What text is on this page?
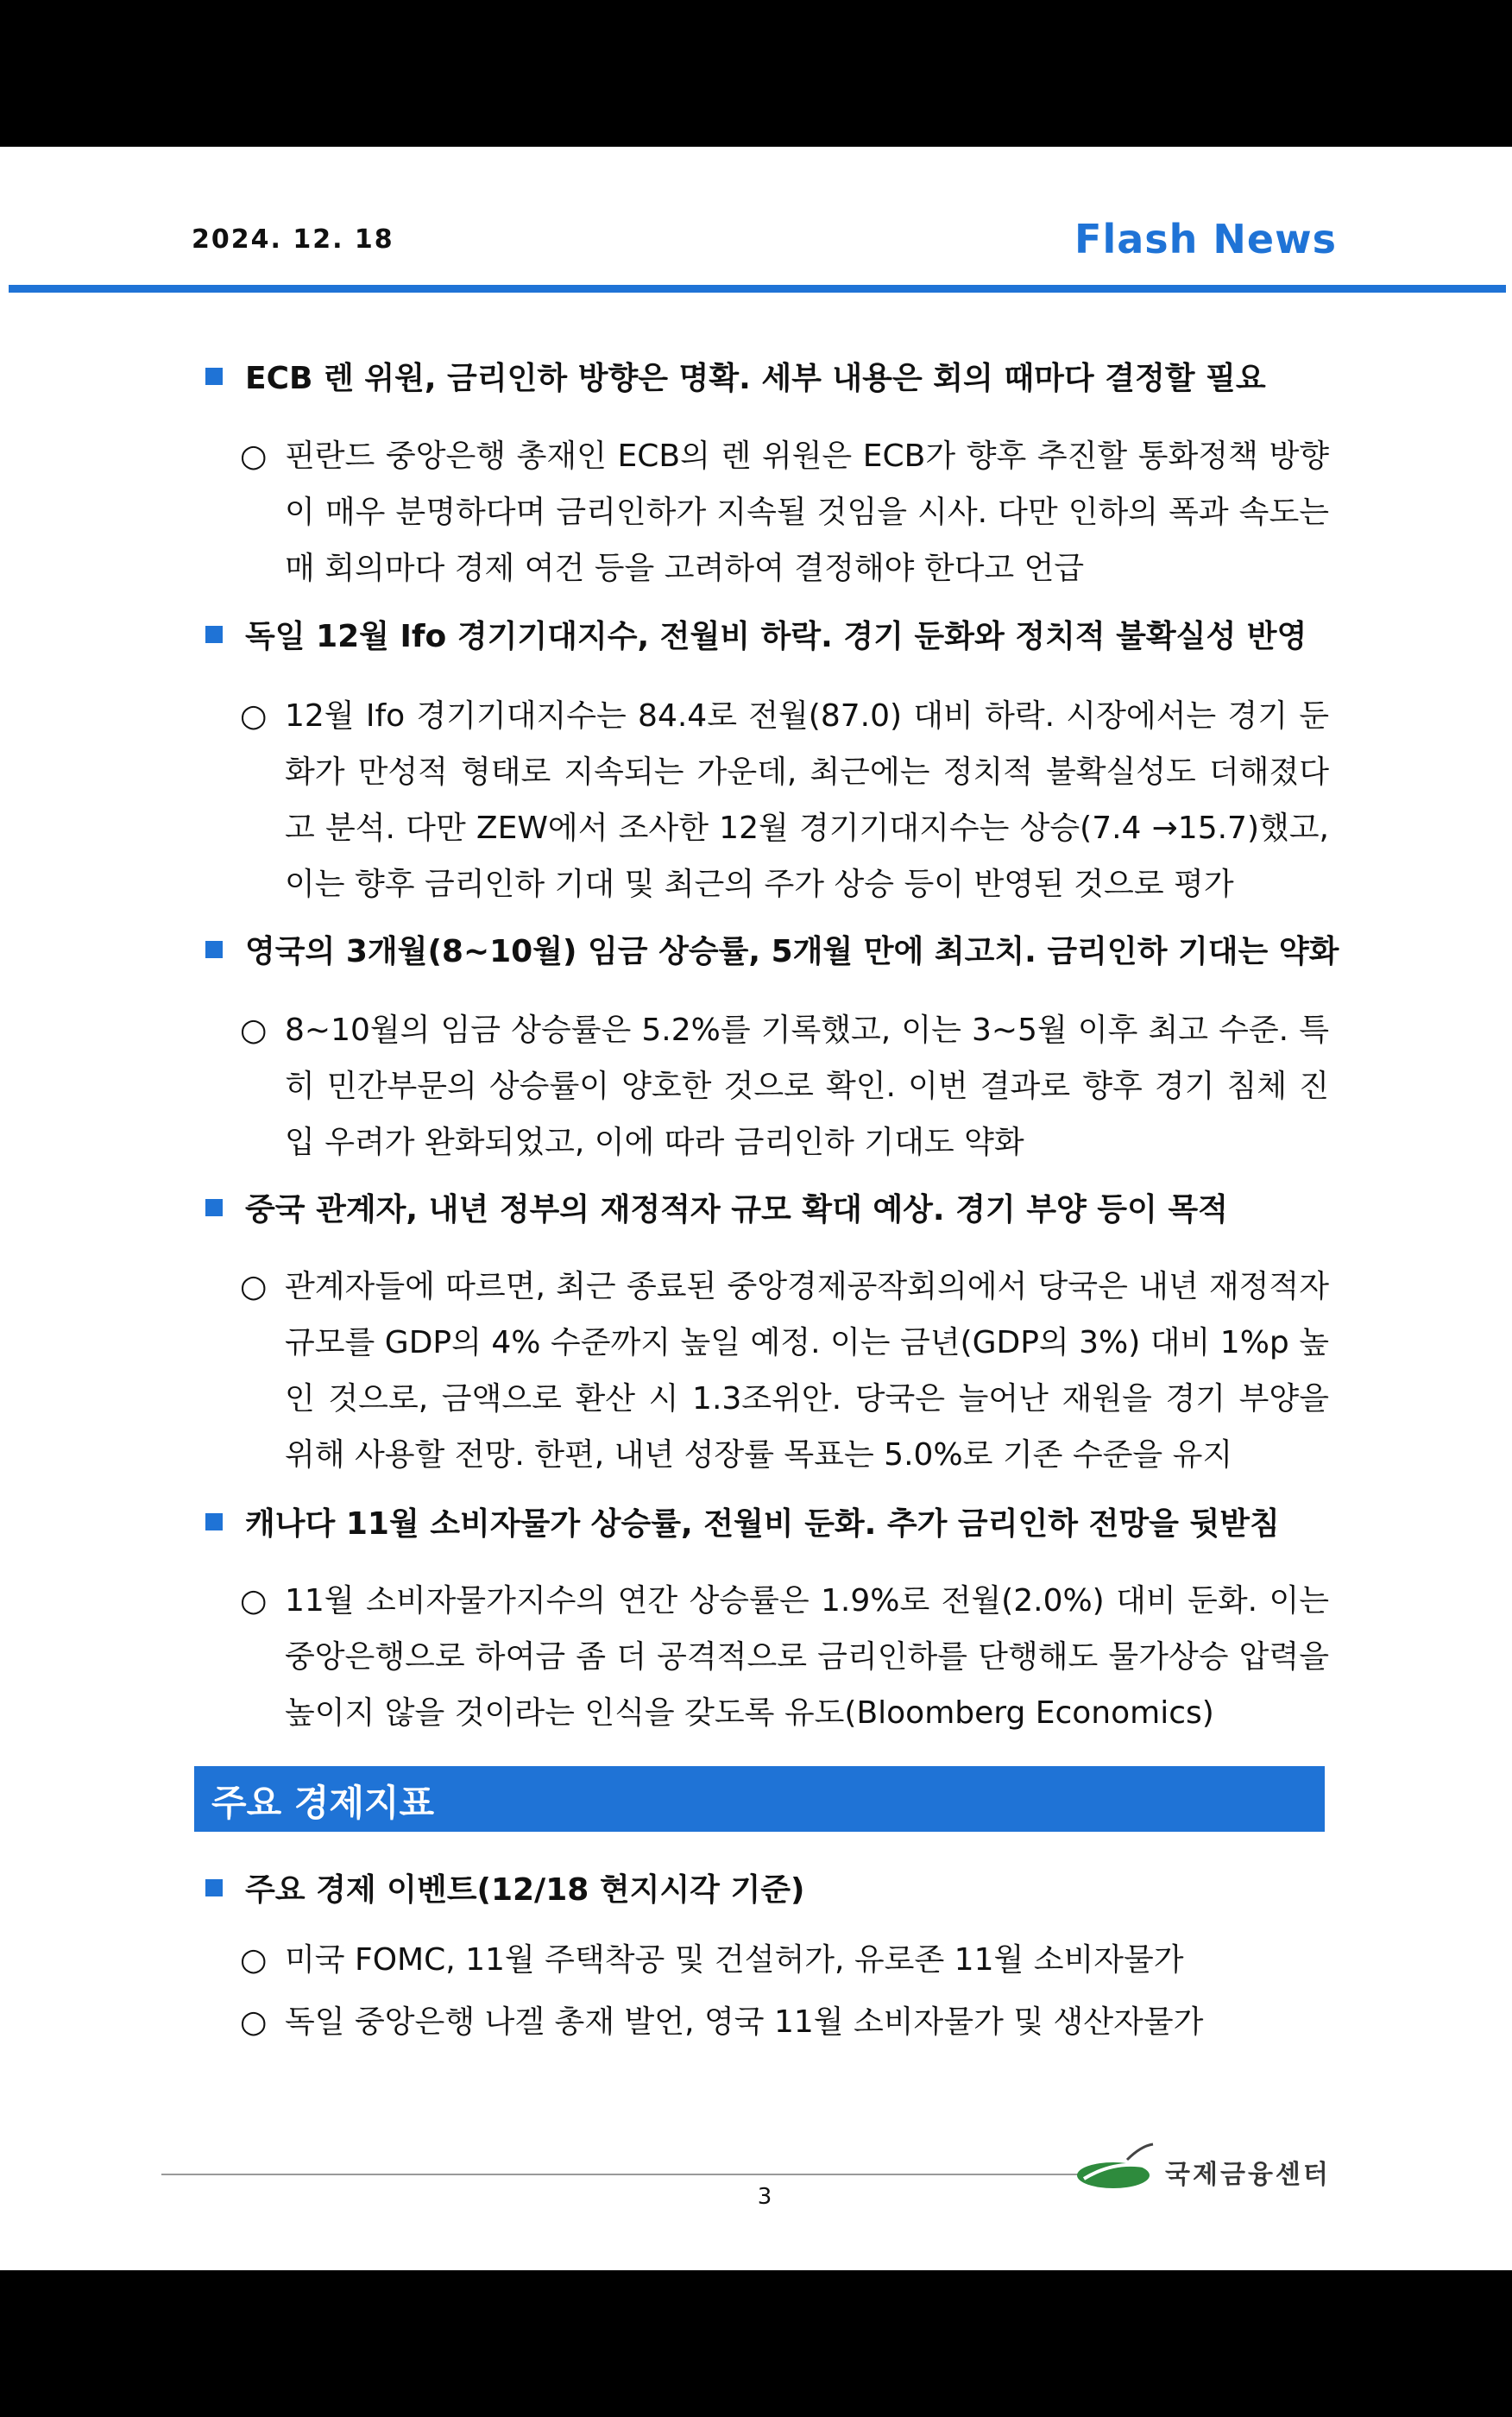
2024. 12. 18	Flash News
ECB 렌 위원, 금리인하 방향은 명확. 세부 내용은 회의 때마다 결정할 필요
○ 핀란드 중앙은행 총재인 ECB의 렌 위원은 ECB가 향후 추진할 통화정책 방향이 매우 분명하다며 금리인하가 지속될 것임을 시사. 다만 인하의 폭과 속도는 매 회의마다 경제 여건 등을 고려하여 결정해야 한다고 언급
독일 12월 Ifo 경기기대지수, 전월비 하락. 경기 둔화와 정치적 불확실성 반영
○ 12월 Ifo 경기기대지수는 84.4로 전월(87.0) 대비 하락. 시장에서는 경기 둔화가 만성적 형태로 지속되는 가운데, 최근에는 정치적 불확실성도 더해졌다고 분석. 다만 ZEW에서 조사한 12월 경기기대지수는 상승(7.4 →15.7)했고, 이는 향후 금리인하 기대 및 최근의 주가 상승 등이 반영된 것으로 평가
영국의 3개월(8~10월) 임금 상승률, 5개월 만에 최고치. 금리인하 기대는 약화
○ 8~10월의 임금 상승률은 5.2%를 기록했고, 이는 3~5월 이후 최고 수준. 특히 민간부문의 상승률이 양호한 것으로 확인. 이번 결과로 향후 경기 침체 진입 우려가 완화되었고, 이에 따라 금리인하 기대도 약화
중국 관계자, 내년 정부의 재정적자 규모 확대 예상. 경기 부양 등이 목적
○ 관계자들에 따르면, 최근 종료된 중앙경제공작회의에서 당국은 내년 재정적자 규모를 GDP의 4% 수준까지 높일 예정. 이는 금년(GDP의 3%) 대비 1%p 높인 것으로, 금액으로 환산 시 1.3조위안. 당국은 늘어난 재원을 경기 부양을 위해 사용할 전망. 한편, 내년 성장률 목표는 5.0%로 기존 수준을 유지
캐나다 11월 소비자물가 상승률, 전월비 둔화. 추가 금리인하 전망을 뒷받침
○ 11월 소비자물가지수의 연간 상승률은 1.9%로 전월(2.0%) 대비 둔화. 이는 중앙은행으로 하여금 좀 더 공격적으로 금리인하를 단행해도 물가상승 압력을 높이지 않을 것이라는 인식을 갖도록 유도(Bloomberg Economics)
주요 경제지표
주요 경제 이벤트(12/18 현지시각 기준)
○ 미국 FOMC, 11월 주택착공 및 건설허가, 유로존 11월 소비자물가
○ 독일 중앙은행 나겔 총재 발언, 영국 11월 소비자물가 및 생산자물가
국제금융센터
3
